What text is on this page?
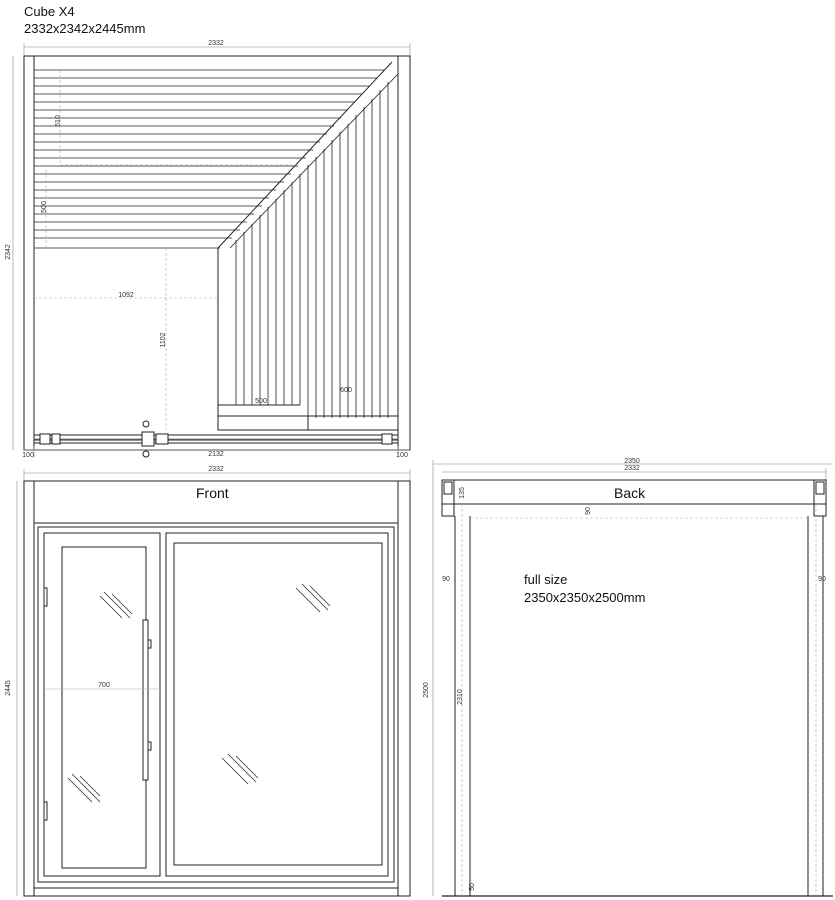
Cube X4
2332x2342x2445mm
2332
2342
610
500
1092
1102
500
600
100	2132	100
2332
2445	700
2350
2332
2500
135
90
90	90
2310
50
Front	Back
full size
2350x2350x2500mm
